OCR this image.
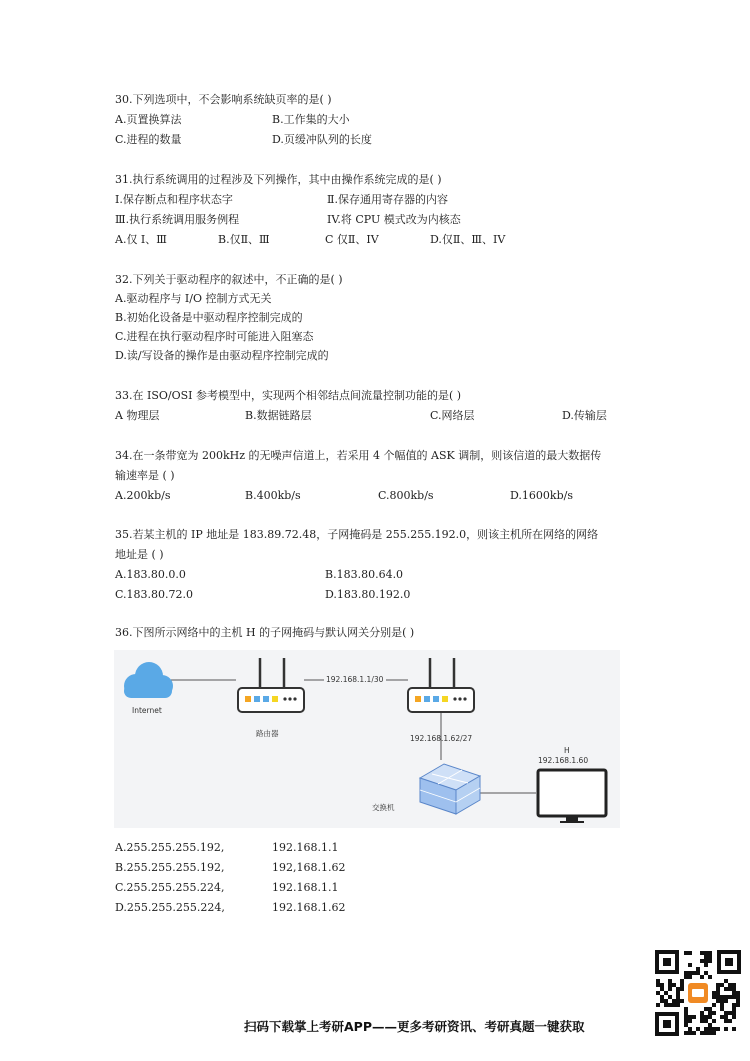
30.下列选项中，不会影响系统缺页率的是( )
A.页置换算法	B.工作集的大小
C.进程的数量	D.页缓冲队列的长度
31.执行系统调用的过程涉及下列操作，其中由操作系统完成的是( )
I.保存断点和程序状态字	Ⅱ.保存通用寄存器的内容
Ⅲ.执行系统调用服务例程	IV.将 CPU 模式改为内核态
A.仅 I、Ⅲ	B.仅Ⅱ、Ⅲ	C 仅Ⅱ、IV	D.仅Ⅱ、Ⅲ、IV
32.下列关于驱动程序的叙述中，不正确的是( )
A.驱动程序与 I/O 控制方式无关
B.初始化设备是中驱动程序控制完成的
C.进程在执行驱动程序时可能进入阻塞态
D.读/写设备的操作是由驱动程序控制完成的
33.在 ISO/OSI 参考模型中，实现两个相邻结点间流量控制功能的是( )
A 物理层	B.数据链路层	C.网络层	D.传输层
34.在一条带宽为 200kHz 的无噪声信道上，若采用 4 个幅值的 ASK 调制，则该信道的最大数据传
输速率是 ( )
A.200kb/s	B.400kb/s	C.800kb/s	D.1600kb/s
35.若某主机的 IP 地址是 183.89.72.48，子网掩码是 255.255.192.0，则该主机所在网络的网络
地址是 ( )
A.183.80.0.0	B.183.80.64.0
C.183.80.72.0	D.183.80.192.0
36.下图所示网络中的主机 H 的子网掩码与默认网关分别是( )
Internet
192.168.1.1/30
路由器
192.168.1.62/27
交换机
H
192.168.1.60
A.255.255.255.192,	192.168.1.1
B.255.255.255.192,	192,168.1.62
C.255.255.255.224,	192.168.1.1
D.255.255.255.224,	192.168.1.62
扫码下载掌上考研APP——更多考研资讯、考研真题一键获取
